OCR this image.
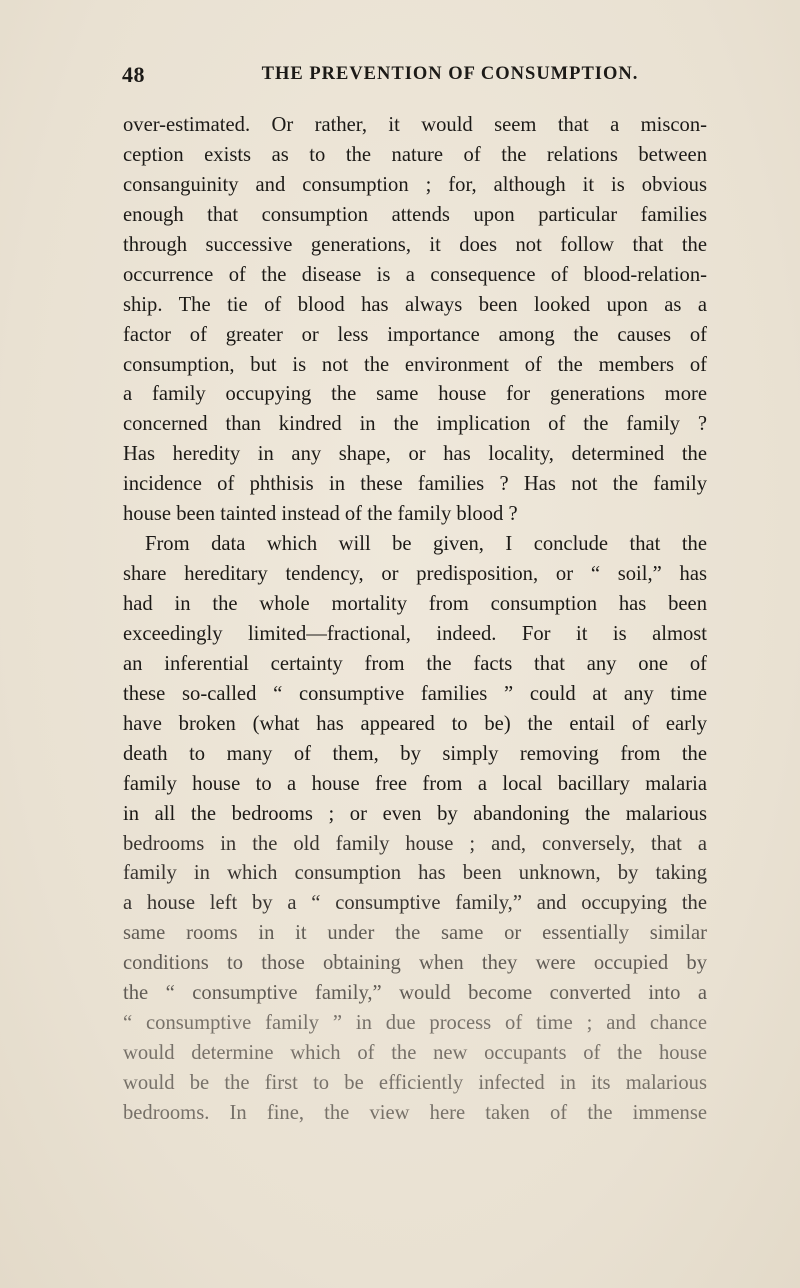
48	THE PREVENTION OF CONSUMPTION.
over-estimated. Or rather, it would seem that a miscon-
ception exists as to the nature of the relations between
consanguinity and consumption ; for, although it is obvious
enough that consumption attends upon particular families
through successive generations, it does not follow that the
occurrence of the disease is a consequence of blood-relation-
ship. The tie of blood has always been looked upon as a
factor of greater or less importance among the causes of
consumption, but is not the environment of the members of
a family occupying the same house for generations more
concerned than kindred in the implication of the family ?
Has heredity in any shape, or has locality, determined the
incidence of phthisis in these families ? Has not the family
house been tainted instead of the family blood ?
From data which will be given, I conclude that the
share hereditary tendency, or predisposition, or “ soil,” has
had in the whole mortality from consumption has been
exceedingly limited—fractional, indeed. For it is almost
an inferential certainty from the facts that any one of
these so-called “ consumptive families ” could at any time
have broken (what has appeared to be) the entail of early
death to many of them, by simply removing from the
family house to a house free from a local bacillary malaria
in all the bedrooms ; or even by abandoning the malarious
bedrooms in the old family house ; and, conversely, that a
family in which consumption has been unknown, by taking
a house left by a “ consumptive family,” and occupying the
same rooms in it under the same or essentially similar
conditions to those obtaining when they were occupied by
the “ consumptive family,” would become converted into a
“ consumptive family ” in due process of time ; and chance
would determine which of the new occupants of the house
would be the first to be efficiently infected in its malarious
bedrooms. In fine, the view here taken of the immense
